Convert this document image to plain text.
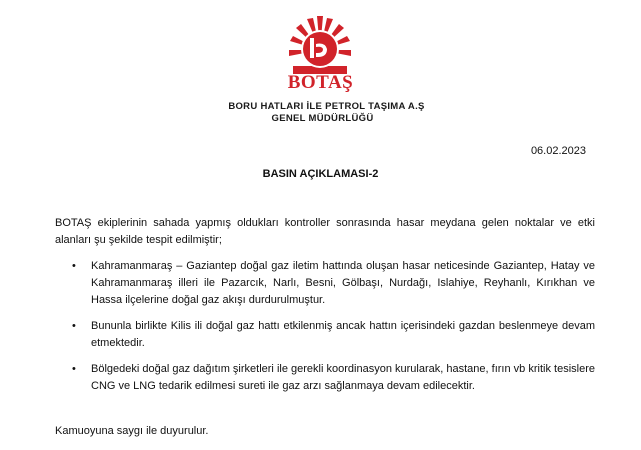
BOTAŞ
BORU HATLARI İLE PETROL TAŞIMA A.Ş
GENEL MÜDÜRLÜĞÜ
06.02.2023
BASIN AÇIKLAMASI-2
BOTAŞ ekiplerinin sahada yapmış oldukları kontroller sonrasında hasar meydana gelen noktalar ve etki alanları şu şekilde tespit edilmiştir;
• Kahramanmaraş – Gaziantep doğal gaz iletim hattında oluşan hasar neticesinde Gaziantep, Hatay ve Kahramanmaraş illeri ile Pazarcık, Narlı, Besni, Gölbaşı, Nurdağı, Islahiye, Reyhanlı, Kırıkhan ve Hassa ilçelerine doğal gaz akışı durdurulmuştur.
• Bununla birlikte Kilis ili doğal gaz hattı etkilenmiş ancak hattın içerisindeki gazdan beslenmeye devam etmektedir.
• Bölgedeki doğal gaz dağıtım şirketleri ile gerekli koordinasyon kurularak, hastane, fırın vb kritik tesislere CNG ve LNG tedarik edilmesi sureti ile gaz arzı sağlanmaya devam edilecektir.
Kamuoyuna saygı ile duyurulur.
